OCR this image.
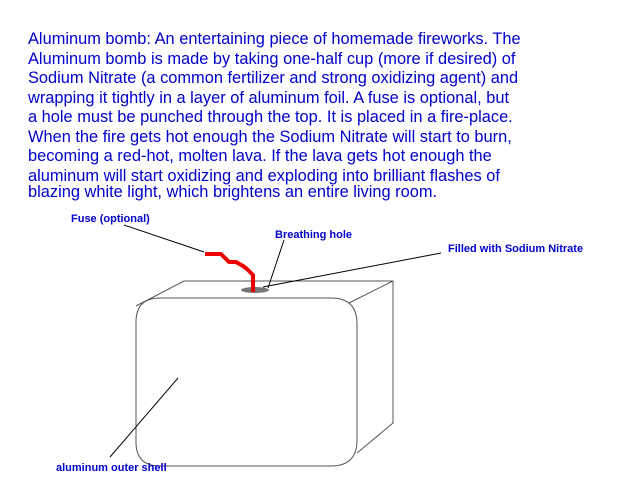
Aluminum bomb: An entertaining piece of homemade fireworks. The
Aluminum bomb is made by taking one-half cup (more if desired) of
Sodium Nitrate (a common fertilizer and strong oxidizing agent) and
wrapping it tightly in a layer of aluminum foil. A fuse is optional, but
a hole must be punched through the top. It is placed in a fire-place.
When the fire gets hot enough the Sodium Nitrate will start to burn,
becoming a red-hot, molten lava. If the lava gets hot enough the
aluminum will start oxidizing and exploding into brilliant flashes of
blazing white light, which brightens an entire living room.
Fuse (optional)
Breathing hole
Filled with Sodium Nitrate
aluminum outer shell
